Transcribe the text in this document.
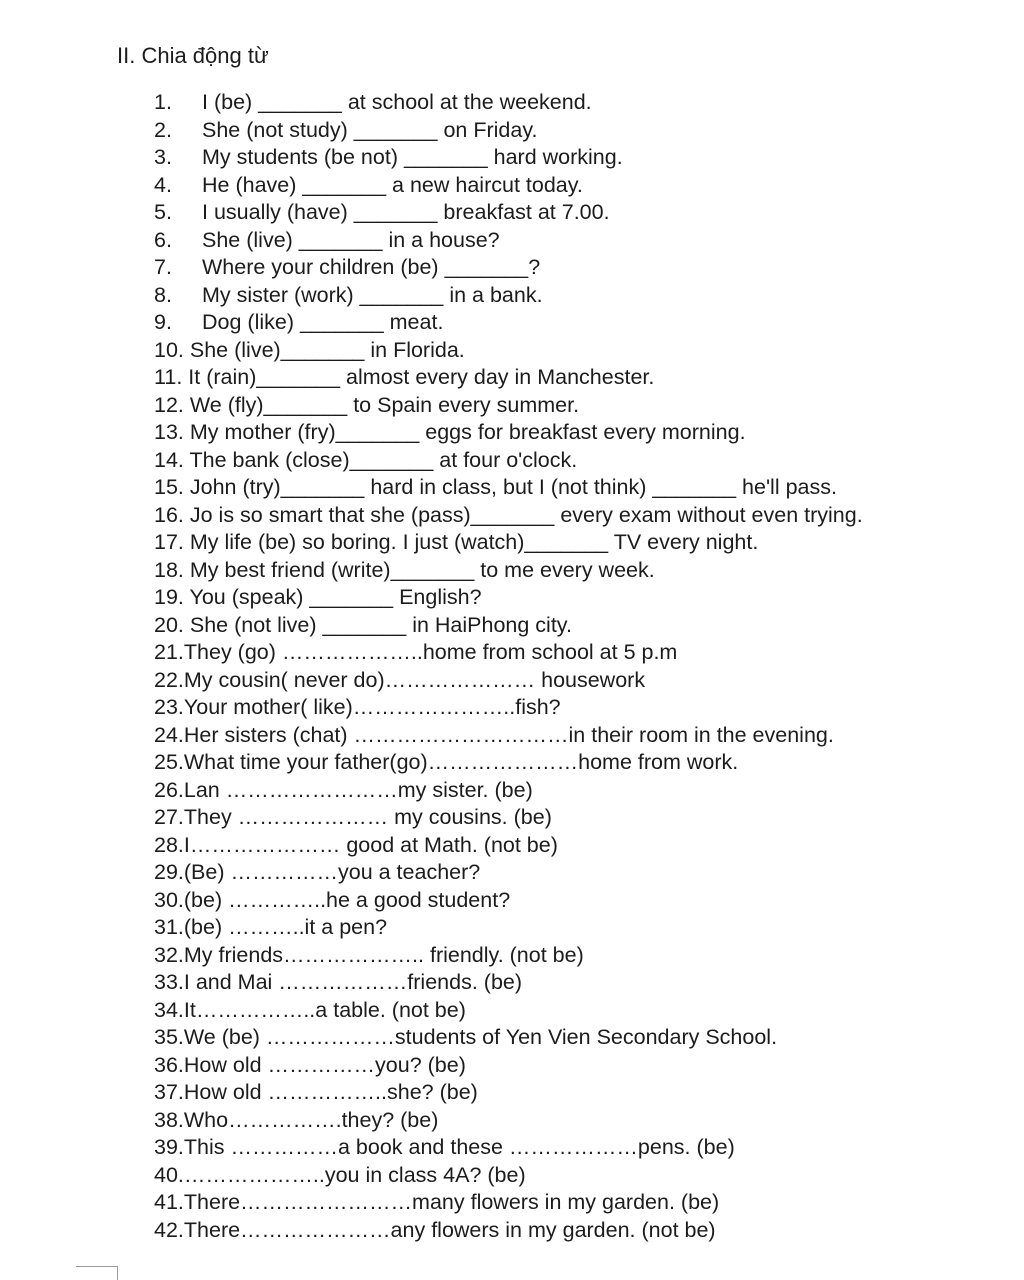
II. Chia động từ
1. I (be) _______ at school at the weekend.
2. She (not study) _______ on Friday.
3. My students (be not) _______ hard working.
4. He (have) _______ a new haircut today.
5. I usually (have) _______ breakfast at 7.00.
6. She (live) _______ in a house?
7. Where your children (be) _______?
8. My sister (work) _______ in a bank.
9. Dog (like) _______ meat.
10. She (live)_______ in Florida.
11. It (rain)_______ almost every day in Manchester.
12. We (fly)_______ to Spain every summer.
13. My mother (fry)_______ eggs for breakfast every morning.
14. The bank (close)_______ at four o'clock.
15. John (try)_______ hard in class, but I (not think) _______ he'll pass.
16. Jo is so smart that she (pass)_______ every exam without even trying.
17. My life (be) so boring. I just (watch)_______ TV every night.
18. My best friend (write)_______ to me every week.
19. You (speak) _______ English?
20. She (not live) _______ in HaiPhong city.
21.They (go) ………………..home from school at 5 p.m
22.My cousin( never do)………………… housework
23.Your mother( like)…………………..fish?
24.Her sisters (chat) …………………………in their room in the evening.
25.What time your father(go)…………………home from work.
26.Lan ……………………my sister. (be)
27.They ………………… my cousins. (be)
28.I………………… good at Math. (not be)
29.(Be) ……………you a teacher?
30.(be) …………..he a good student?
31.(be) ………..it a pen?
32.My friends……………….. friendly. (not be)
33.I and Mai ………………friends. (be)
34.It……………..a table. (not be)
35.We (be) ………………students of Yen Vien Secondary School.
36.How old ……………you? (be)
37.How old ……………..she? (be)
38.Who…………….they? (be)
39.This ……………a book and these ………………pens. (be)
40.………………..you in class 4A? (be)
41.There……………………many flowers in my garden. (be)
42.There…………………any flowers in my garden. (not be)
